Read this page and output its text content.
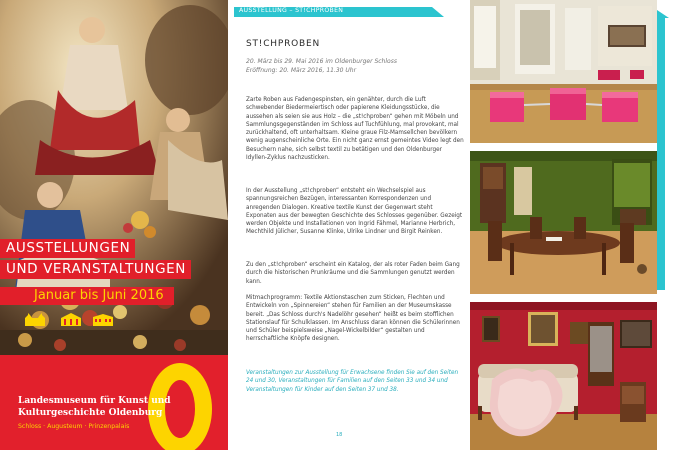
AUSSTELLUNGEN
UND VERANSTALTUNGEN
Januar bis Juni 2016
Landesmuseum für Kunst und
Kulturgeschichte Oldenburg
Schloss · Augusteum · Prinzenpalais
AUSSTELLUNG – ST!CHPROBEN
ST!CHPROBEN
20. März bis 29. Mai 2016 im Oldenburger Schloss
Eröffnung: 20. März 2016, 11.30 Uhr

Zarte Roben aus Fadengespinsten, ein genähter, durch die Luft schwebender Biedermeiertisch oder papierene Kleidungsstücke, die aussehen als seien sie aus Holz – die „st!chproben“ gehen mit Möbeln und Sammlungsgegenständen im Schloss auf Tuchfühlung, mal provokant, mal zurückhaltend, oft unterhaltsam. Kleine graue Filz-Mamsellchen bevölkern wenig augenscheinliche Orte. Ein nicht ganz ernst gemeintes Video legt den Besuchern nahe, sich selbst textil zu betätigen und den Oldenburger Idyllen-Zyklus nachzusticken.

In der Ausstellung „st!chproben“ entsteht ein Wechselspiel aus spannungsreichen Bezügen, interessanten Korrespondenzen und anregenden Dialogen. Kreative textile Kunst der Gegenwart steht Exponaten aus der bewegten Geschichte des Schlosses gegenüber. Gezeigt werden Objekte und Installationen von Ingrid Fähmel, Marianne Herbrich, Mechthild Jülicher, Susanne Klinke, Ulrike Lindner und Birgit Reinken.

Zu den „st!chproben“ erscheint ein Katalog, der als roter Faden beim Gang durch die historischen Prunkräume und die Sammlungen genutzt werden kann.

Mitmachprogramm: Textile Aktionstaschen zum Sticken, Flechten und Entwickeln von „Spinnereien“ stehen für Familien an der Museumskasse bereit. „Das Schloss durch's Nadelöhr gesehen“ heißt es beim stofflichen Stationslauf für Schulklassen. Im Anschluss daran können die Schülerinnen und Schüler beispielsweise „Nagel-Wickelbilder“ gestalten und herrschaftliche Knöpfe designen.

Veranstaltungen zur Ausstellung für Erwachsene finden Sie auf den Seiten 24 und 30, Veranstaltungen für Familien auf den Seiten 33 und 34 und Veranstaltungen für Kinder auf den Seiten 37 und 38.

18
